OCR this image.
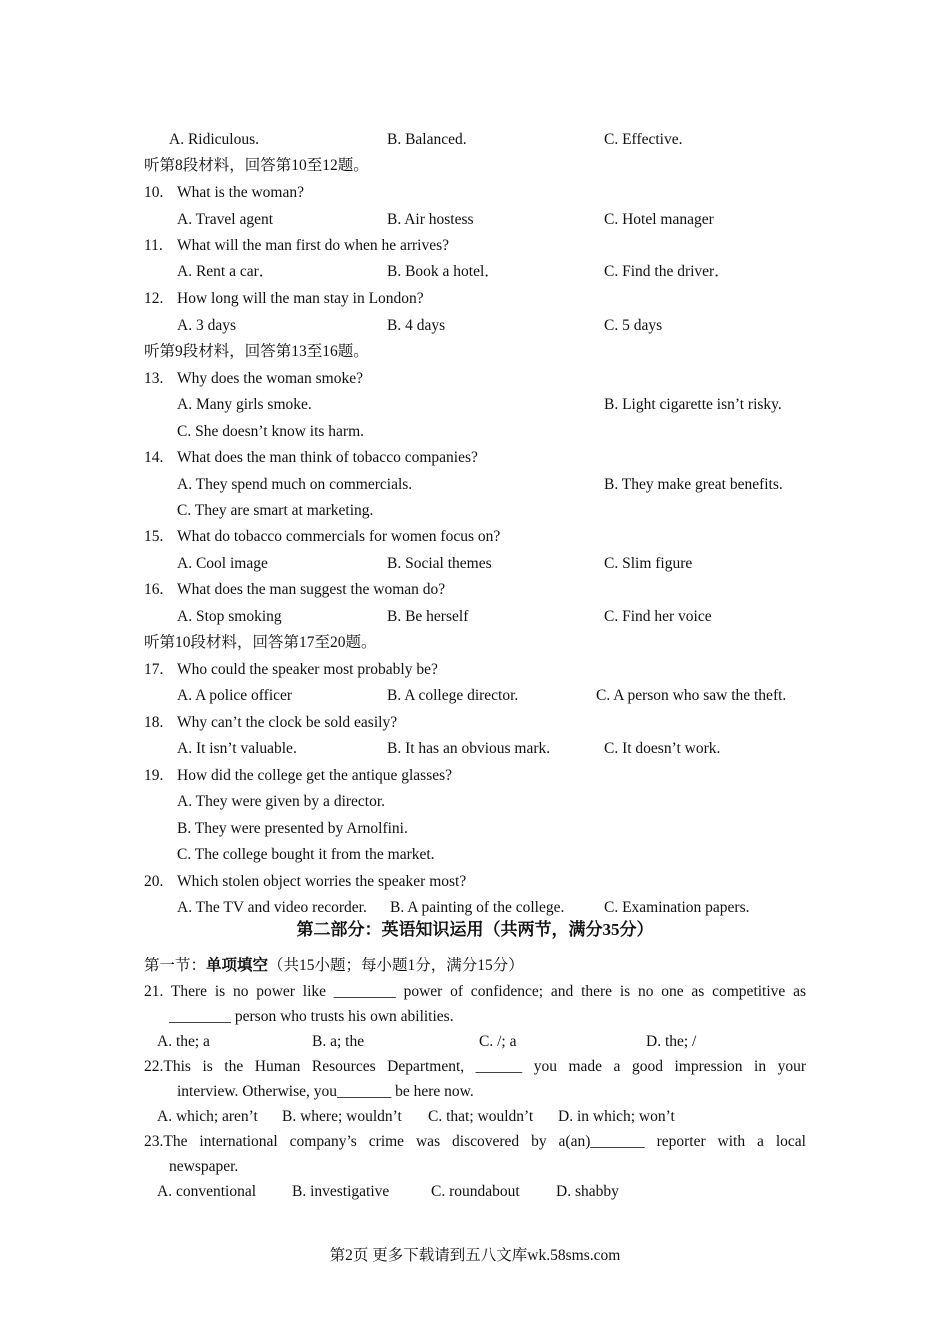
A. Ridiculous.	B. Balanced.	C. Effective.
听第8段材料，回答第10至12题。
10. What is the woman?
A. Travel agent	B. Air hostess	C. Hotel manager
11. What will the man first do when he arrives?
A. Rent a car．	B. Book a hotel．	C. Find the driver．
12. How long will the man stay in London?
A. 3 days	B. 4 days	C. 5 days
听第9段材料，回答第13至16题。
13. Why does the woman smoke?
A. Many girls smoke.	B. Light cigarette isn’t risky.
C. She doesn’t know its harm.
14. What does the man think of tobacco companies?
A. They spend much on commercials.	B. They make great benefits.
C. They are smart at marketing.
15. What do tobacco commercials for women focus on?
A. Cool image	B. Social themes	C. Slim figure
16. What does the man suggest the woman do?
A. Stop smoking	B. Be herself	C. Find her voice
听第10段材料，回答第17至20题。
17. Who could the speaker most probably be?
A. A police officer	B. A college director.	C. A person who saw the theft.
18. Why can’t the clock be sold easily?
A. It isn’t valuable.	B. It has an obvious mark.	C. It doesn’t work.
19. How did the college get the antique glasses?
A. They were given by a director.
B. They were presented by Arnolfini.
C. The college bought it from the market.
20. Which stolen object worries the speaker most?
A. The TV and video recorder. B. A painting of the college.	C. Examination papers.
第二部分：英语知识运用（共两节，满分35分）
第一节：单项填空（共15小题；每小题1分，满分15分）
21. There is no power like ________ power of confidence; and there is no one as competitive as
________ person who trusts his own abilities.
A. the; a	B. a; the	C. /; a	D. the; /
22.This is the Human Resources Department, ______ you made a good impression in your
interview. Otherwise, you_______ be here now.
A. which; aren’t B. where; wouldn’t C. that; wouldn’t D. in which; won’t
23.The international company’s crime was discovered by a(an)_______ reporter with a local
newspaper.
A. conventional B. investigative	C. roundabout D. shabby
第2页 更多下载请到五八文库wk.58sms.com
